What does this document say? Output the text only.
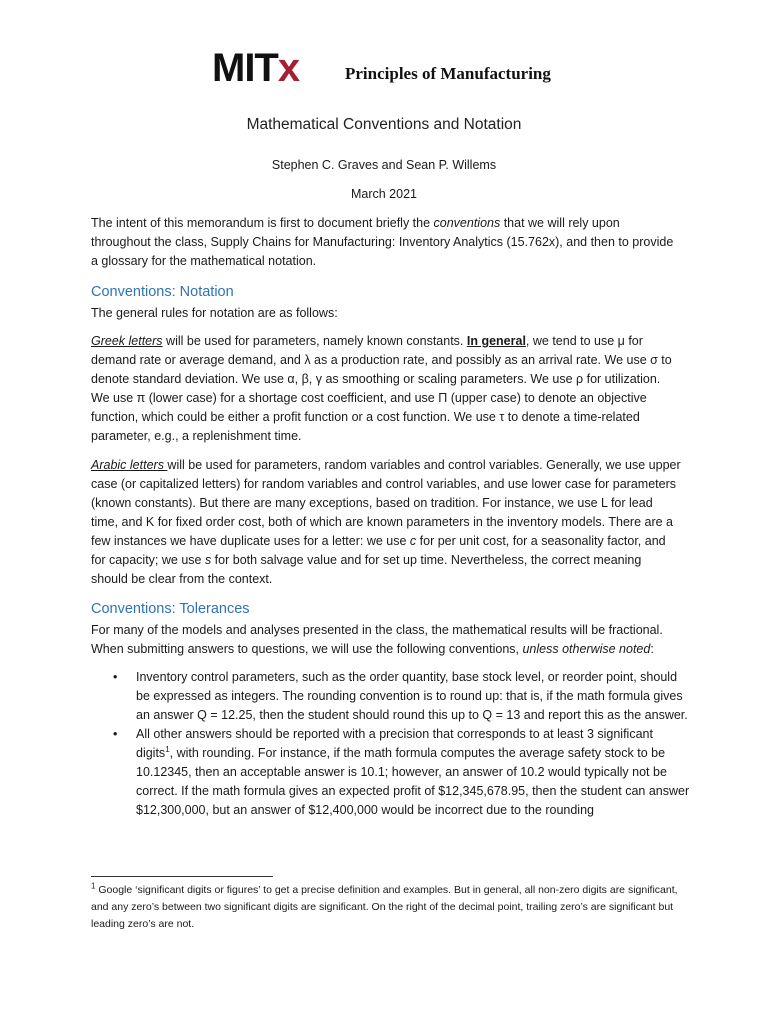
MITx	Principles of Manufacturing
Mathematical Conventions and Notation
Stephen C. Graves and Sean P. Willems
March 2021
The intent of this memorandum is first to document briefly the conventions that we will rely upon throughout the class, Supply Chains for Manufacturing: Inventory Analytics (15.762x), and then to provide a glossary for the mathematical notation.
Conventions: Notation
The general rules for notation are as follows:
Greek letters will be used for parameters, namely known constants. In general, we tend to use μ for demand rate or average demand, and λ as a production rate, and possibly as an arrival rate. We use σ to denote standard deviation. We use α, β, γ as smoothing or scaling parameters. We use ρ for utilization. We use π (lower case) for a shortage cost coefficient, and use Π (upper case) to denote an objective function, which could be either a profit function or a cost function. We use τ to denote a time-related parameter, e.g., a replenishment time.
Arabic letters will be used for parameters, random variables and control variables. Generally, we use upper case (or capitalized letters) for random variables and control variables, and use lower case for parameters (known constants). But there are many exceptions, based on tradition. For instance, we use L for lead time, and K for fixed order cost, both of which are known parameters in the inventory models. There are a few instances we have duplicate uses for a letter: we use c for per unit cost, for a seasonality factor, and for capacity; we use s for both salvage value and for set up time. Nevertheless, the correct meaning should be clear from the context.
Conventions: Tolerances
For many of the models and analyses presented in the class, the mathematical results will be fractional. When submitting answers to questions, we will use the following conventions, unless otherwise noted:
• Inventory control parameters, such as the order quantity, base stock level, or reorder point, should be expressed as integers. The rounding convention is to round up: that is, if the math formula gives an answer Q = 12.25, then the student should round this up to Q = 13 and report this as the answer.
• All other answers should be reported with a precision that corresponds to at least 3 significant digits$^1$, with rounding. For instance, if the math formula computes the average safety stock to be 10.12345, then an acceptable answer is 10.1; however, an answer of 10.2 would typically not be correct. If the math formula gives an expected profit of $12,345,678.95, then the student can answer $12,300,000, but an answer of $12,400,000 would be incorrect due to the rounding
$^1$ Google ‘significant digits or figures’ to get a precise definition and examples. But in general, all non-zero digits are significant, and any zero’s between two significant digits are significant. On the right of the decimal point, trailing zero’s are significant but leading zero’s are not.
